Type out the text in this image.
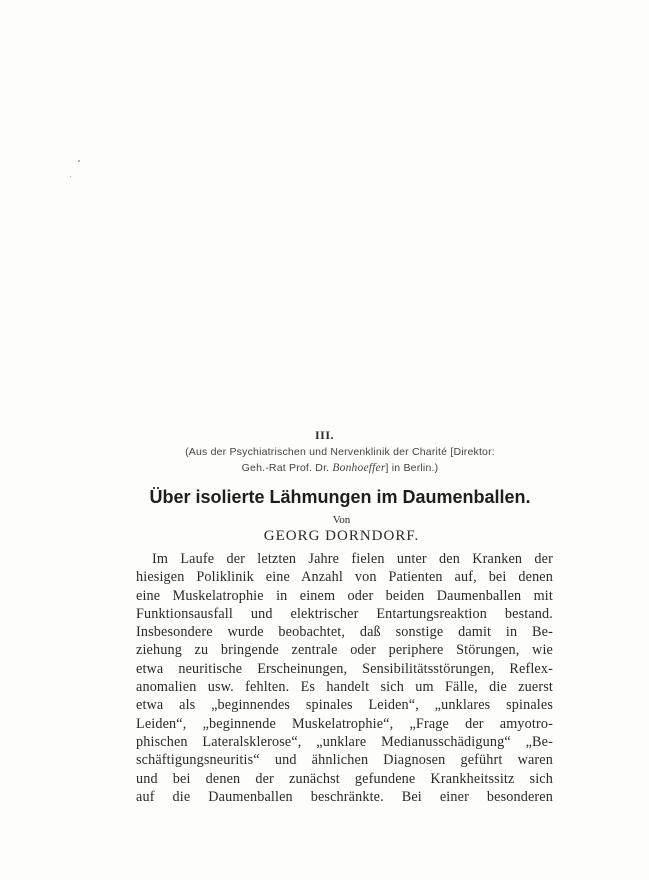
III.
(Aus der Psychiatrischen und Nervenklinik der Charité [Direktor:
Geh.-Rat Prof. Dr. Bonhoeffer] in Berlin.)
Über isolierte Lähmungen im Daumenballen.
Von
GEORG DORNDORF.
Im Laufe der letzten Jahre fielen unter den Kranken der
hiesigen Poliklinik eine Anzahl von Patienten auf, bei denen
eine Muskelatrophie in einem oder beiden Daumenballen mit
Funktionsausfall und elektrischer Entartungsreaktion bestand.
Insbesondere wurde beobachtet, daß sonstige damit in Be-
ziehung zu bringende zentrale oder periphere Störungen, wie
etwa neuritische Erscheinungen, Sensibilitätsstörungen, Reflex-
anomalien usw. fehlten. Es handelt sich um Fälle, die zuerst
etwa als „beginnendes spinales Leiden“, „unklares spinales
Leiden“, „beginnende Muskelatrophie“, „Frage der amyotro-
phischen Lateralsklerose“, „unklare Medianusschädigung“ „Be-
schäftigungsneuritis“ und ähnlichen Diagnosen geführt waren
und bei denen der zunächst gefundene Krankheitssitz sich
auf die Daumenballen beschränkte. Bei einer besonderen
